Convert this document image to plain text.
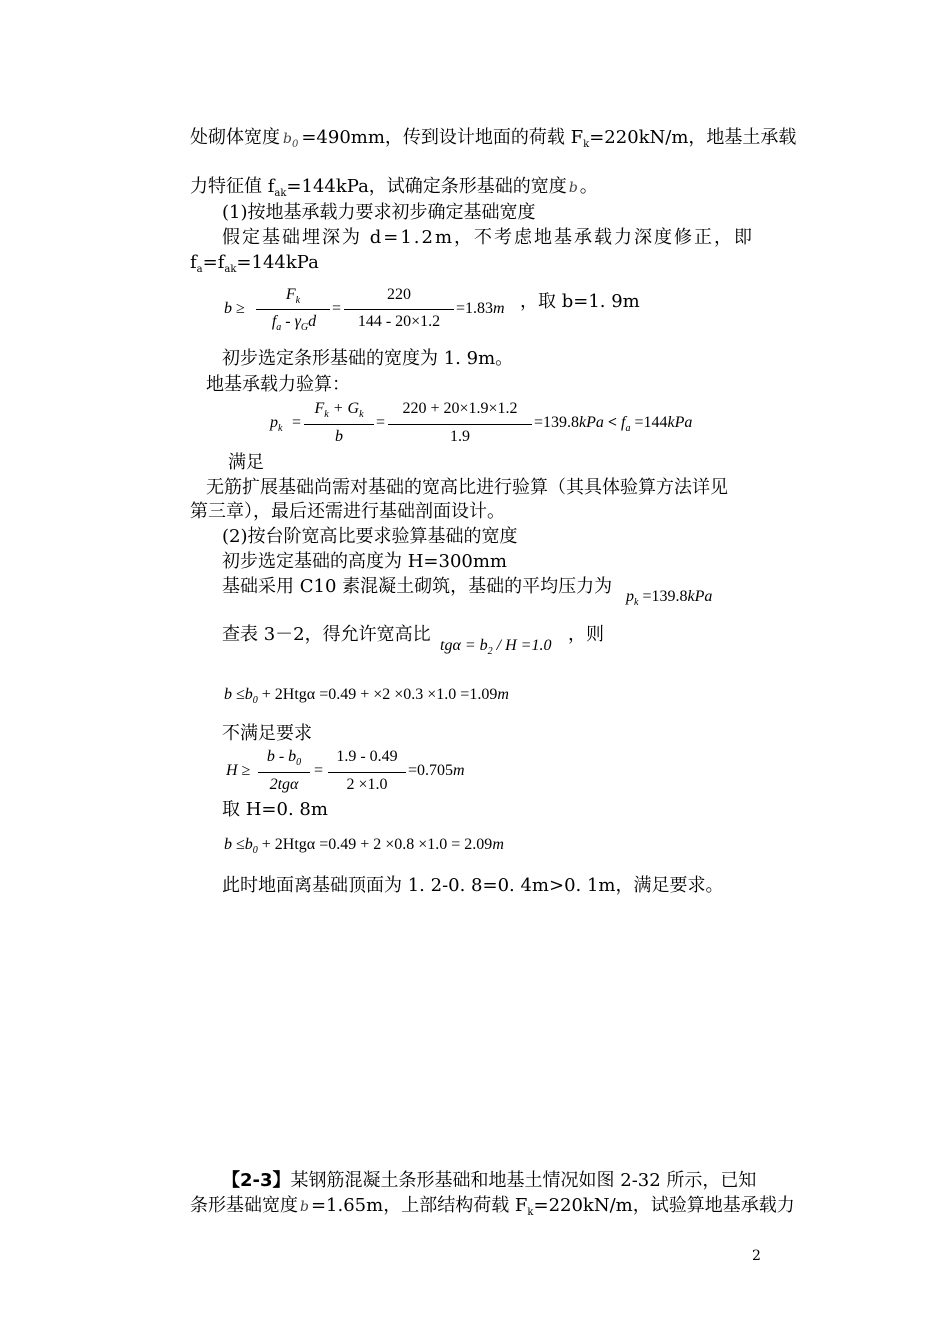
处砌体宽度 $b_0 =490mm$，传到设计地面的荷载 $F_k=220kN/m$，地基土承载
力特征值 $f_{ak}=144kPa$，试确定条形基础的宽度 b 。
(1)按地基承载力要求初步确定基础宽度
假定基础埋深为 d=1.2m，不考虑地基承载力深度修正，即
$f_a=f_{ak}=144kPa$
b ≥
$F_k$
$f_a - \gamma_Gd$
=
220
144 - 20×1.2
=1.83m ，取 b=1. 9m
初步选定条形基础的宽度为 1. 9m。
地基承载力验算：
$p_k$ =
$F_k + G_k$
b
=
220 + 20×1.9×1.2
1.9
$=139.8kPa < f_a =144kPa$
满足
无筋扩展基础尚需对基础的宽高比进行验算（其具体验算方法详见
第三章），最后还需进行基础剖面设计。
(2)按台阶宽高比要求验算基础的宽度
初步选定基础的高度为 H=300mm
基础采用 C10 素混凝土砌筑，基础的平均压力为 $p_k =139.8kPa$
查表 3－2，得允许宽高比
$tg\alpha = b_2 / H =1.0$
，则
$b \le b_0 + 2Htg\alpha =0.49 + \times 2 \times 0.3 \times 1.0 =1.09m$
不满足要求
H ≥
b - $b_0$
2tgα
=
1.9 - 0.49
2 ×1.0
=0.705m
取 H=0. 8m
$b \le b_0 + 2Htg\alpha =0.49 + 2 \times 0.8 \times 1.0 = 2.09m$
此时地面离基础顶面为 1. 2-0. 8=0. 4m>0. 1m，满足要求。
【2-3】某钢筋混凝土条形基础和地基土情况如图 2-32 所示，已知
条形基础宽度 b =1.65m，上部结构荷载 $F_k=220kN/m$，试验算地基承载力
2
